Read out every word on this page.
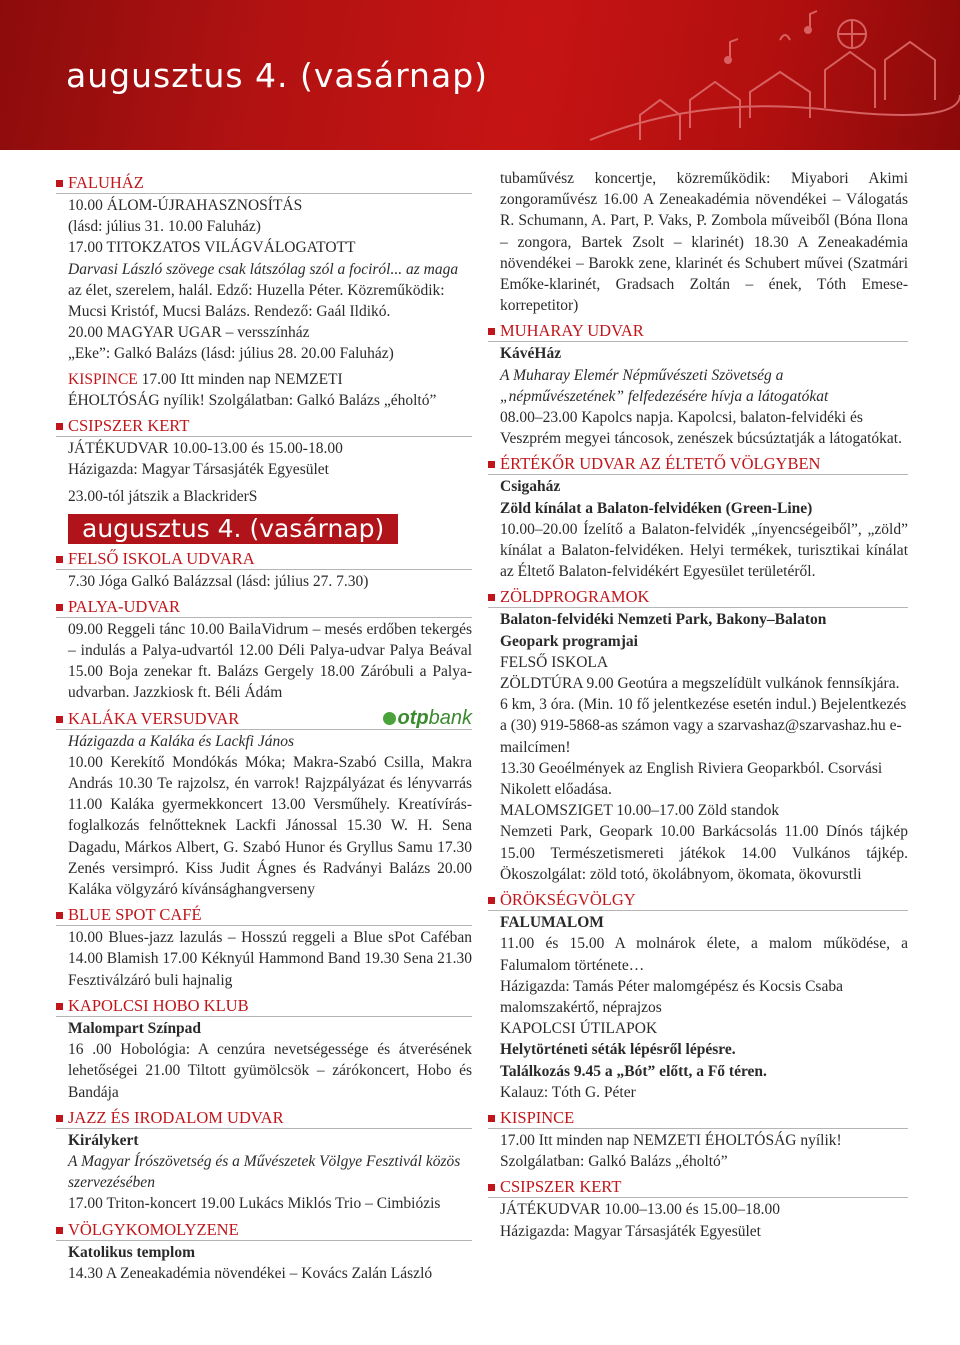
augusztus 4. (vasárnap)
FALUHÁZ
10.00 ÁLOM-ÚJRAHASZNOSÍTÁS
(lásd: július 31. 10.00 Faluház)
17.00 TITOKZATOS VILÁGVÁLOGATOTT
Darvasi László szövege csak látszólag szól a fociról... az maga
az élet, szerelem, halál. Edző: Huzella Péter. Közreműködik:
Mucsi Kristóf, Mucsi Balázs. Rendező: Gaál Ildikó.
20.00 MAGYAR UGAR – versszínház
„Eke”: Galkó Balázs (lásd: július 28. 20.00 Faluház)
KISPINCE 17.00 Itt minden nap NEMZETI
ÉHOLTÓSÁG nyílik! Szolgálatban: Galkó Balázs „éholtó”
CSIPSZER KERT
JÁTÉKUDVAR 10.00-13.00 és 15.00-18.00
Házigazda: Magyar Társasjáték Egyesület
23.00-tól játszik a BlackriderS
augusztus 4. (vasárnap)
FELSŐ ISKOLA UDVARA
7.30 Jóga Galkó Balázzsal (lásd: július 27. 7.30)
PALYA-UDVAR
09.00 Reggeli tánc 10.00 BailaVidrum – mesés erdőben tekergés – indulás a Palya-udvartól 12.00 Déli Palya-udvar Palya Beával 15.00 Boja zenekar ft. Balázs Gergely 18.00 Záróbuli a Palya-udvarban. Jazzkiosk ft. Béli Ádám
KALÁKA VERSUDVAR	otpbank
Házigazda a Kaláka és Lackfi János
10.00 Kerekítő Mondókás Móka; Makra-Szabó Csilla, Makra András 10.30 Te rajzolsz, én varrok! Rajzpályázat és lényvarrás 11.00 Kaláka gyermekkoncert 13.00 Versműhely. Kreatívírás-foglalkozás felnőtteknek Lackfi Jánossal 15.30 W. H. Sena Dagadu, Márkos Albert, G. Szabó Hunor és Gryllus Samu 17.30 Zenés versimpró. Kiss Judit Ágnes és Radványi Balázs 20.00 Kaláka völgyzáró kívánsághangverseny
BLUE SPOT CAFÉ
10.00 Blues-jazz lazulás – Hosszú reggeli a Blue sPot Caféban 14.00 Blamish 17.00 Kéknyúl Hammond Band 19.30 Sena 21.30 Fesztiválzáró buli hajnalig
KAPOLCSI HOBO KLUB
Malompart Színpad
16 .00 Hobológia: A cenzúra nevetségessége és átverésének lehetőségei 21.00 Tiltott gyümölcsök – zárókoncert, Hobo és Bandája
JAZZ ÉS IRODALOM UDVAR
Királykert
A Magyar Írószövetség és a Művészetek Völgye Fesztivál közös szervezésében
17.00 Triton-koncert 19.00 Lukács Miklós Trio – Cimbiózis
VÖLGYKOMOLYZENE
Katolikus templom
14.30 A Zeneakadémia növendékei – Kovács Zalán László
tubaművész koncertje, közreműködik: Miyabori Akimi zongoraművész 16.00 A Zeneakadémia növendékei – Válogatás R. Schumann, A. Part, P. Vaks, P. Zombola műveiből (Bóna Ilona – zongora, Bartek Zsolt – klarinét) 18.30 A Zeneakadémia növendékei – Barokk zene, klarinét és Schubert művei (Szatmári Emőke-klarinét, Gradsach Zoltán – ének, Tóth Emese-korrepetitor)
MUHARAY UDVAR
KávéHáz
A Muharay Elemér Népművészeti Szövetség a „népművészetének” felfedezésére hívja a látogatókat
08.00–23.00 Kapolcs napja. Kapolcsi, balaton-felvidéki és Veszprém megyei táncosok, zenészek búcsúztatják a látogatókat.
ÉRTÉKŐR UDVAR AZ ÉLTETŐ VÖLGYBEN
Csigaház
Zöld kínálat a Balaton-felvidéken (Green-Line)
10.00–20.00 Ízelítő a Balaton-felvidék „ínyencségeiből”, „zöld” kínálat a Balaton-felvidéken. Helyi termékek, turisztikai kínálat az Éltető Balaton-felvidékért Egyesület területéről.
ZÖLDPROGRAMOK
Balaton-felvidéki Nemzeti Park, Bakony–Balaton
Geopark programjai
FELSŐ ISKOLA
ZÖLDTÚRA 9.00 Geotúra a megszelídült vulkánok fennsíkjára. 6 km, 3 óra. (Min. 10 fő jelentkezése esetén indul.) Bejelentkezés a (30) 919-5868-as számon vagy a szarvashaz@szarvashaz.hu e-mailcímen!
13.30 Geoélmények az English Riviera Geoparkból. Csorvási Nikolett előadása.
MALOMSZIGET 10.00–17.00 Zöld standok
Nemzeti Park, Geopark 10.00 Barkácsolás 11.00 Dínós tájkép 15.00 Természetismereti játékok 14.00 Vulkános tájkép. Ökoszolgálat: zöld totó, ökolábnyom, ökomata, ökovurstli
ÖRÖKSÉGVÖLGY
FALUMALOM
11.00 és 15.00 A molnárok élete, a malom működése, a Falumalom története…
Házigazda: Tamás Péter malomgépész és Kocsis Csaba malomszakértő, néprajzos
KAPOLCSI ÚTILAPOK
Helytörténeti séták lépésről lépésre.
Találkozás 9.45 a „Bót” előtt, a Fő téren.
Kalauz: Tóth G. Péter
KISPINCE
17.00 Itt minden nap NEMZETI ÉHOLTÓSÁG nyílik!
Szolgálatban: Galkó Balázs „éholtó”
CSIPSZER KERT
JÁTÉKUDVAR 10.00–13.00 és 15.00–18.00
Házigazda: Magyar Társasjáték Egyesület
